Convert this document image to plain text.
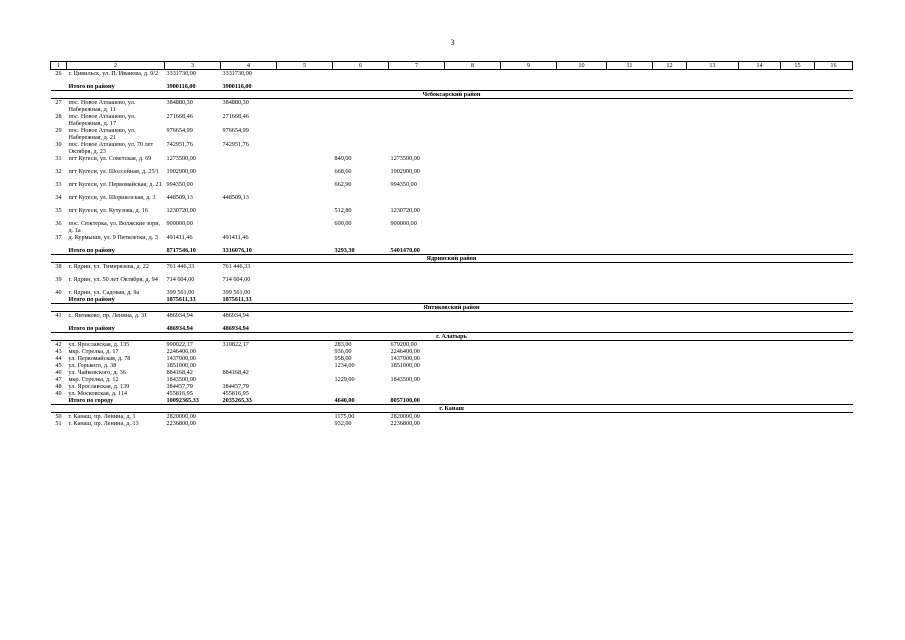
3
1	2	3	4	5	6	7	8	9	10	11	12	13	14	15	16
26	г. Цивильск, ул. П. Иванова, д. 9/2	3331730,00	3331730,00												
	Итого по району	3900116,00	3900116,00												
Чебоксарский район															
27	пос. Новое Атлашево, ул. Набережная, д. 11	384880,30	384880,30												
28	пос. Новое Атлашево, ул. Набережная, д. 17	271668,46	271668,46												
29	пос. Новое Атлашево, ул. Набережная, д. 21	976654,99	976654,99												
30	пос. Новое Атлашево, ул. 70 лет Октября, д. 23	742951,76	742951,76												
31	пгт Кугеси, ул. Советская, д. 69	1273500,00			849,00	1273500,00									
32	пгт Кугеси, ул. Шоссейная, д. 25/1	1002900,00			668,60	1002900,00									
33	пгт Кугеси, ул. Первомайская, д. 21	994350,00			662,90	994350,00									
34	пгт Кугеси, ул. Шоршелская, д. 3	448509,13	448509,13												
35	пгт Кугеси, ул. Кутузова, д. 16	1230720,00			512,80	1230720,00									
36	пос. Сюктерка, ул. Волжские зори, д. 1а	900000,00			600,00	900000,00									
37	д. Курмыши, ул. 9 Пятилетки, д. 3	491411,46	491411,46												
	Итого по району	8717546,10	3316076,10		3293,30	5401470,00									
Ядринский район															
38	г. Ядрин, ул. Тимирязева, д. 22	761 446,33	761 446,33												
39	г. Ядрин, ул. 50 лет Октября, д. 94	714 604,00	714 604,00												
40	г. Ядрин, ул. Садовая, д. 9а	399 561,00	399 561,00												
	Итого по району	1875611,33	1875611,33												
Янтиковский район															
41	с. Янтиково, пр. Ленина, д. 31	486934,94	486934,94												
	Итого по району	486934,94	486934,94												
г. Алатырь															
42	ул. Ярославская, д. 135	990022,17	310822,17		283,00	679200,00									
43	мкр. Стрелка, д. 17	2246400,00			936,00	2246400,00									
44	ул. Первомайская, д. 78	1437000,00			958,00	1437000,00									
45	ул. Горького, д. 38	1851000,00			1234,00	1851000,00									
46	ул. Чайковского, д. 36	884168,42	884168,42												
47	мкр. Стрелка, д. 12	1843500,00			1229,00	1843500,00									
48	ул. Ярославская, д. 139	384457,79	384457,79												
49	ул. Московская, д. 114	455816,95	455816,95												
	Итого по городу	10092365,33	2035265,33		4640,00	8057100,00									
г. Канаш															
50	г. Канаш, пр. Ленина, д. 1	2820000,00			1175,00	2820000,00									
51	г. Канаш, пр. Ленина, д. 13	2236800,00			932,00	2236800,00									
